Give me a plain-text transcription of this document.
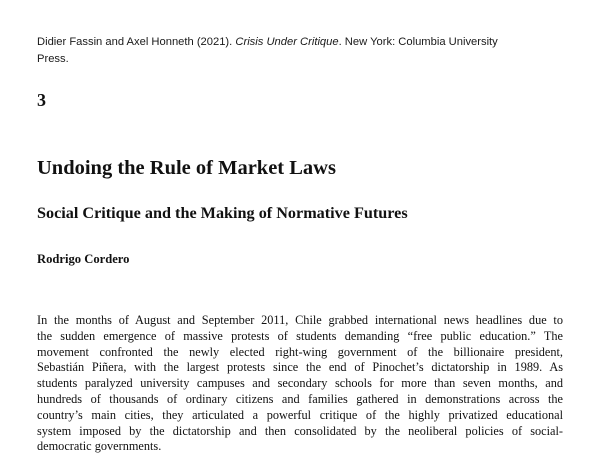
Didier Fassin and Axel Honneth (2021). Crisis Under Critique. New York: Columbia University
Press.
3
Undoing the Rule of Market Laws
Social Critique and the Making of Normative Futures
Rodrigo Cordero
In the months of August and September 2011, Chile grabbed international news headlines due to
the sudden emergence of massive protests of students demanding “free public education.” The
movement confronted the newly elected right-wing government of the billionaire president,
Sebastián Piñera, with the largest protests since the end of Pinochet’s dictatorship in 1989. As
students paralyzed university campuses and secondary schools for more than seven months, and
hundreds of thousands of ordinary citizens and families gathered in demonstrations across the
country’s main cities, they articulated a powerful critique of the highly privatized educational
system imposed by the dictatorship and then consolidated by the neoliberal policies of social-
democratic governments.
